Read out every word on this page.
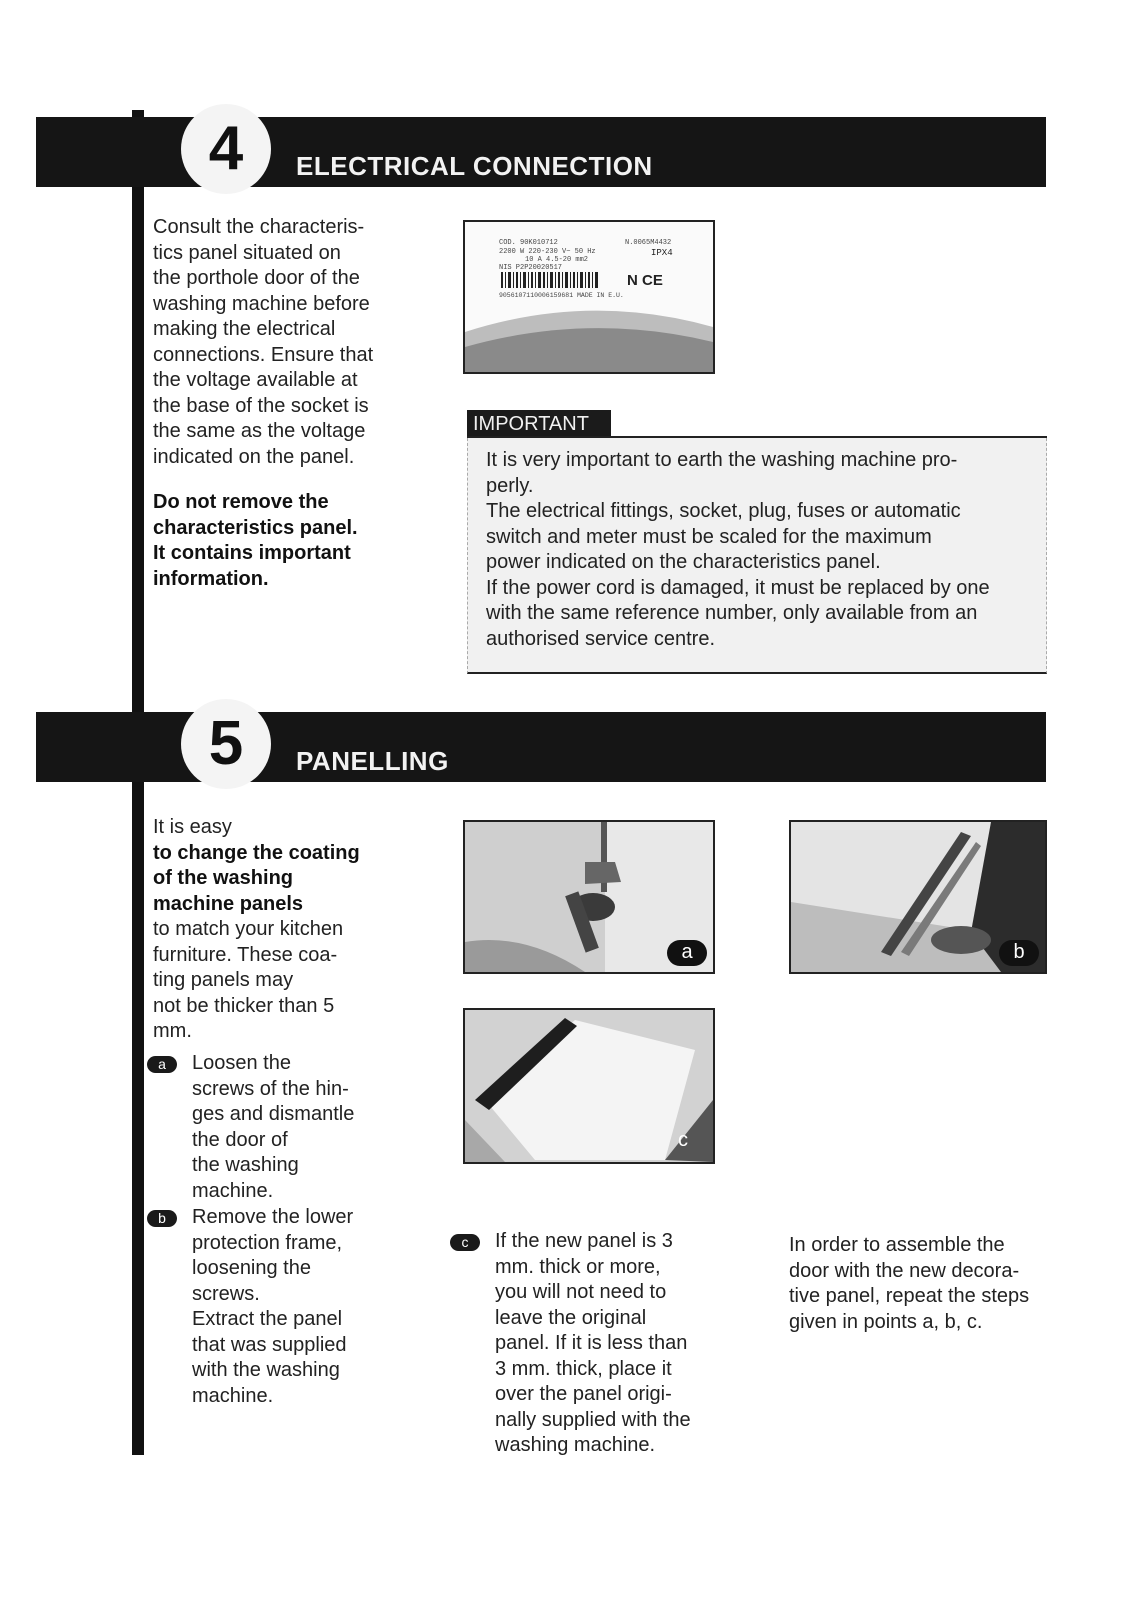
4	ELECTRICAL CONNECTION

Consult the characteris-

tics panel situated on

the porthole door of the

washing machine before

making the electrical

connections. Ensure that

the voltage available at

the base of the socket is

the same as the voltage

indicated on the panel.

Do not remove the

characteristics panel.

It contains important

information.

COD. 90K010712	N.0065M4432
2200 W 220-230 V~ 50 Hz	IPX4
10 A 4.5-20 mm2
NIS P2P20020517
N CE
9056107110006159681 MADE IN E.U.
IMPORTANT
It is very important to earth the washing machine pro-
perly.
The electrical fittings, socket, plug, fuses or automatic
switch and meter must be scaled for the maximum
power indicated on the characteristics panel.
If the power cord is damaged, it must be replaced by one
with the same reference number, only available from an
authorised service centre.
5	PANELLING

It is easy

to change the coating

of the washing

machine panels

to match your kitchen

furniture. These coa-

ting panels may

not be thicker than 5

mm.

a	Loosen the
screws of the hin-
ges and dismantle
the door of
the washing
machine.
b	Remove the lower
protection frame,
loosening the
screws.
Extract the panel
that was supplied
with the washing
machine.
a	b
c
c	If the new panel is 3
mm. thick or more,
you will not need to
leave the original
panel. If it is less than
3 mm. thick, place it
over the panel origi-
nally supplied with the
washing machine.

In order to assemble the

door with the new decora-

tive panel, repeat the steps

given in points a, b, c.
